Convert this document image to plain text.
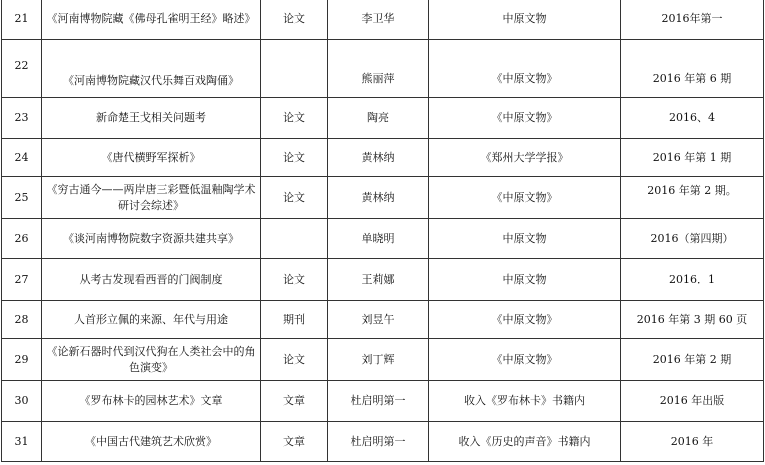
21	《河南博物院藏《佛母孔雀明王经》略述》	论文	李卫华	中原文物	2016年第一
22	《河南博物院藏汉代乐舞百戏陶俑》		熊丽萍	《中原文物》	2016 年第 6 期
23	新命楚王戈相关问题考	论文	陶亮	《中原文物》	2016、4
24	《唐代横野军探析》	论文	黄林纳	《郑州大学学报》	2016 年第 1 期
25	《穷古通今——两岸唐三彩暨低温釉陶学术研讨会综述》	论文	黄林纳	《中原文物》	2016 年第 2 期。
26	《谈河南博物院数字资源共建共享》		单晓明	中原文物	2016（第四期）
27	从考古发现看西晋的门阀制度	论文	王莉娜	中原文物	2016．1
28	人首形立佩的来源、年代与用途	期刊	刘昱午	《中原文物》	2016 年第 3 期 60 页
29	《论新石器时代到汉代狗在人类社会中的角色演变》	论文	刘丁辉	《中原文物》	2016 年第 2 期
30	《罗布林卡的园林艺术》文章	文章	杜启明第一	收入《罗布林卡》书籍内	2016 年出版
31	《中国古代建筑艺术欣赏》	文章	杜启明第一	收入《历史的声音》书籍内	2016 年
